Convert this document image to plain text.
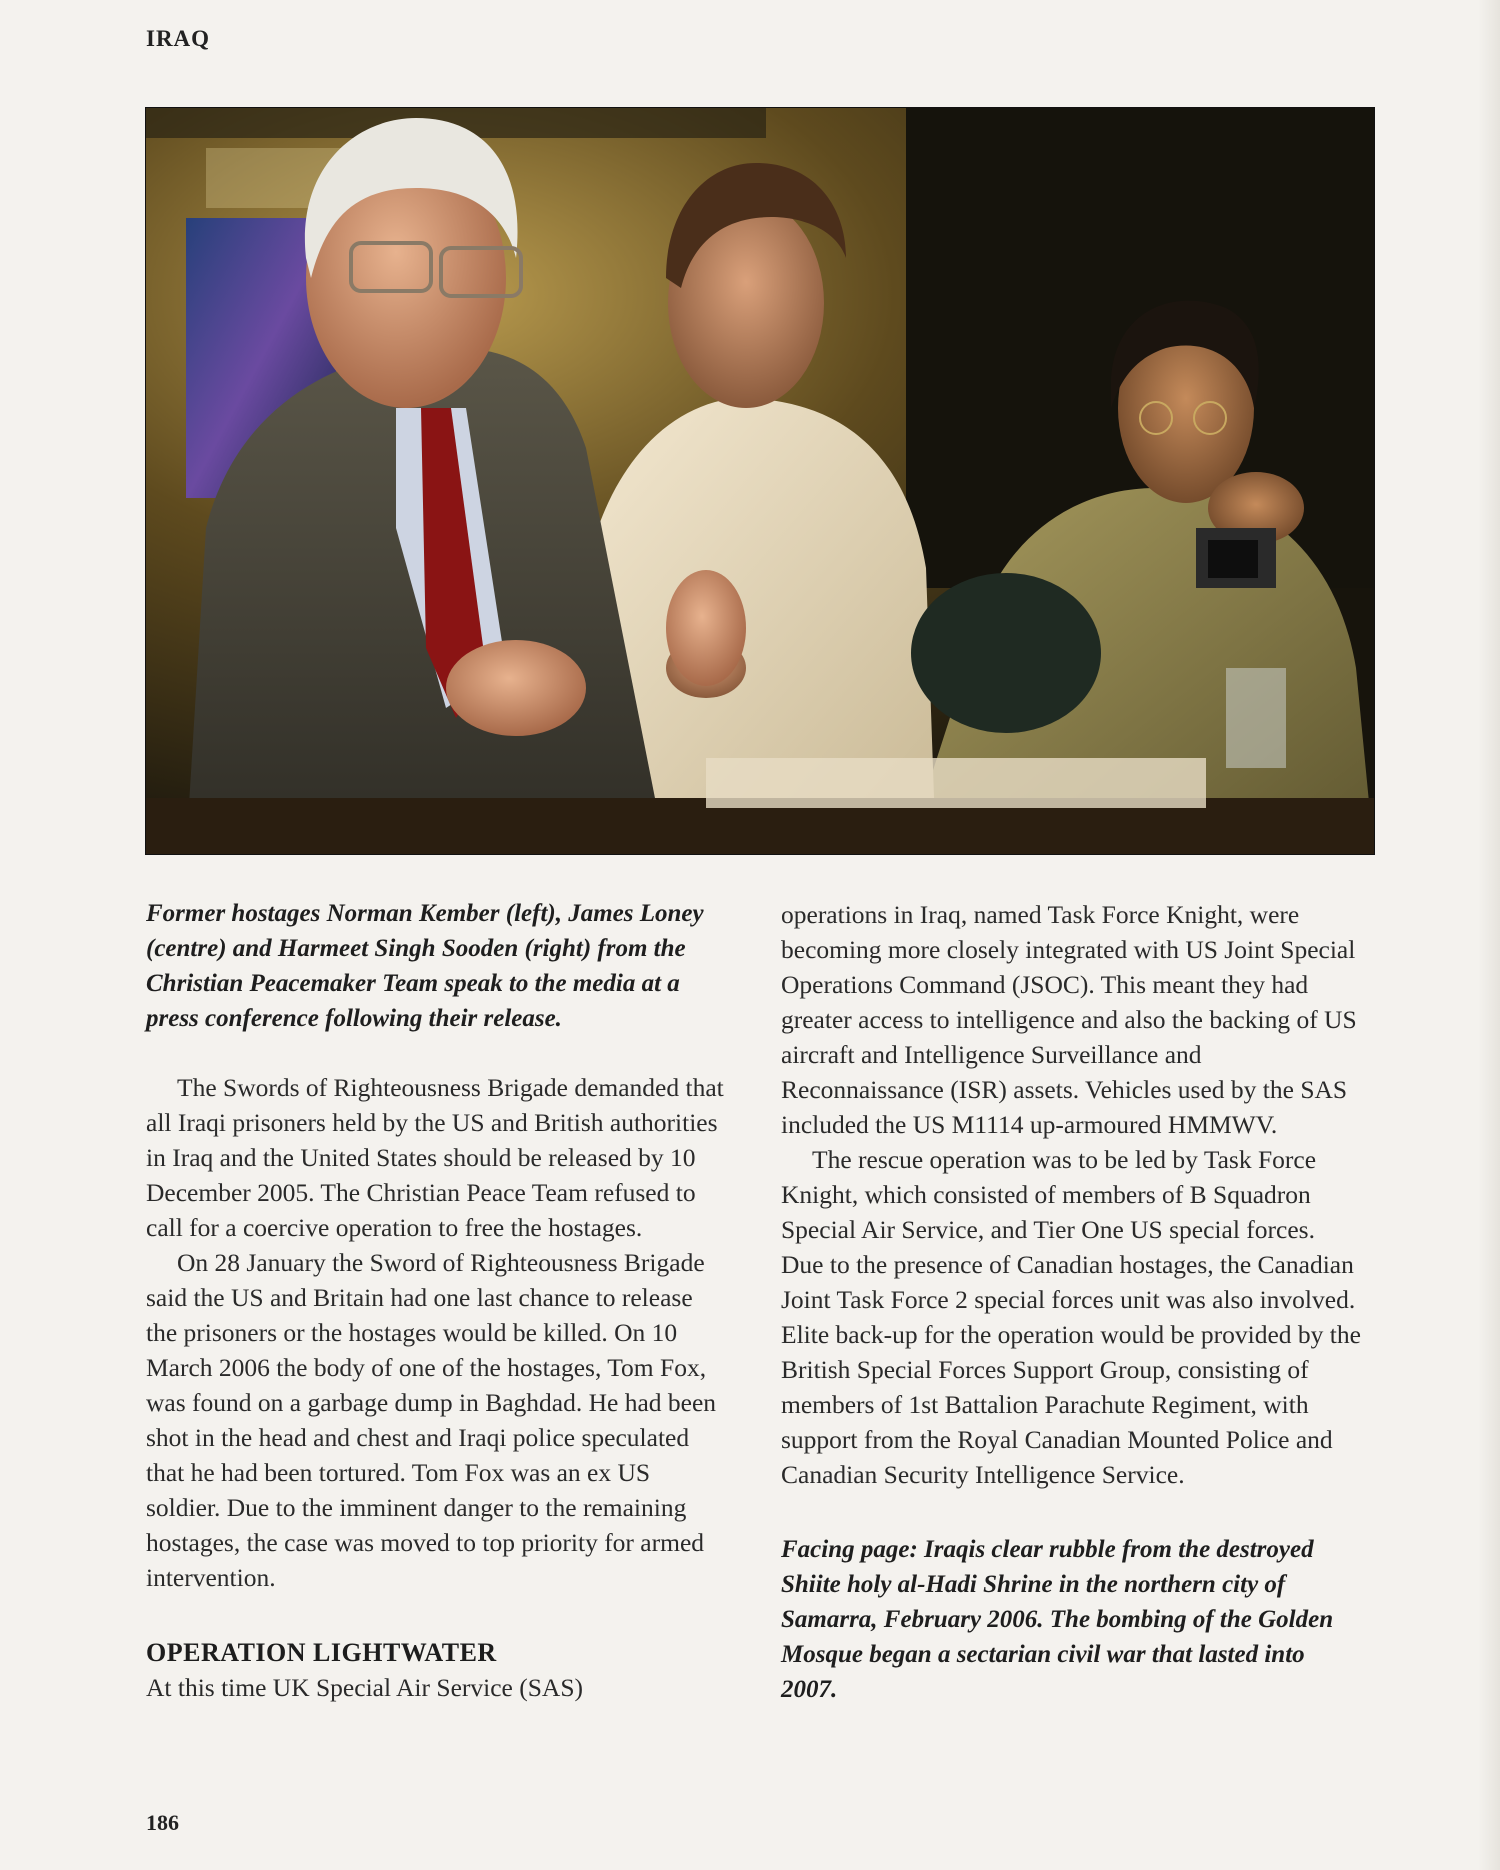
IRAQ

Former hostages Norman Kember (left), James Loney (centre) and Harmeet Singh Sooden (right) from the Christian Peacemaker Team speak to the media at a press conference following their release.

The Swords of Righteousness Brigade demanded that all Iraqi prisoners held by the US and British authorities in Iraq and the United States should be released by 10 December 2005. The Christian Peace Team refused to call for a coercive operation to free the hostages.

On 28 January the Sword of Righteousness Brigade said the US and Britain had one last chance to release the prisoners or the hostages would be killed. On 10 March 2006 the body of one of the hostages, Tom Fox, was found on a garbage dump in Baghdad. He had been shot in the head and chest and Iraqi police speculated that he had been tortured. Tom Fox was an ex US soldier. Due to the imminent danger to the remaining hostages, the case was moved to top priority for armed intervention.

OPERATION LIGHTWATER

At this time UK Special Air Service (SAS)

operations in Iraq, named Task Force Knight, were becoming more closely integrated with US Joint Special Operations Command (JSOC). This meant they had greater access to intelligence and also the backing of US aircraft and Intelligence Surveillance and Reconnaissance (ISR) assets. Vehicles used by the SAS included the US M1114 up-armoured HMMWV.

The rescue operation was to be led by Task Force Knight, which consisted of members of B Squadron Special Air Service, and Tier One US special forces. Due to the presence of Canadian hostages, the Canadian Joint Task Force 2 special forces unit was also involved. Elite back-up for the operation would be provided by the British Special Forces Support Group, consisting of members of 1st Battalion Parachute Regiment, with support from the Royal Canadian Mounted Police and Canadian Security Intelligence Service.

Facing page: Iraqis clear rubble from the destroyed Shiite holy al-Hadi Shrine in the northern city of Samarra, February 2006. The bombing of the Golden Mosque began a sectarian civil war that lasted into 2007.

186
